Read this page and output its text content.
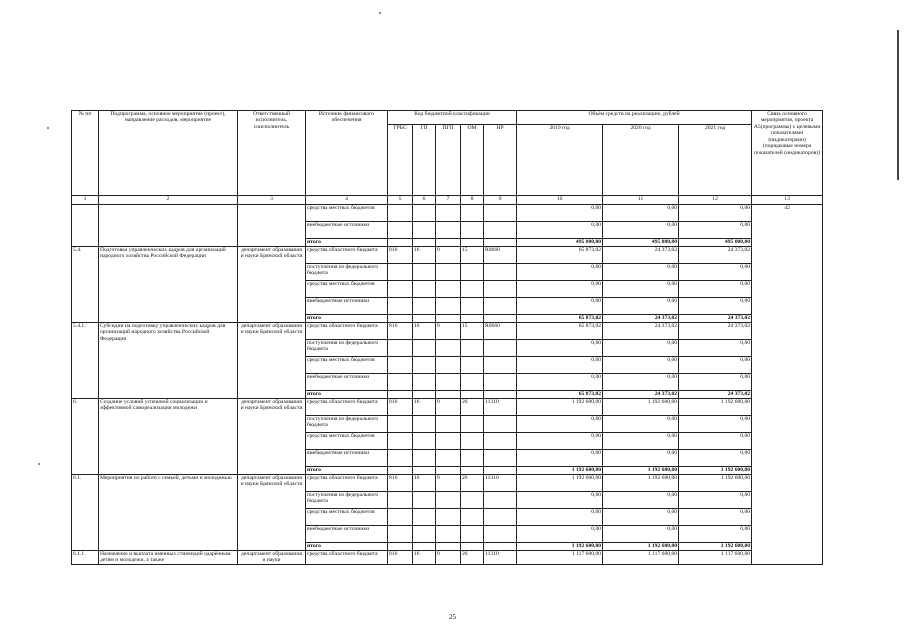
№ пп	Подпрограмма, основное мероприятие (проект), направление расходов, мероприятие	Ответственный исполнитель, соисполнитель	Источник финансового обеспечения	Код бюджетной классификации					Объём средств на реализацию, рублей			Связь основного мероприятия, проекта А5(программы) с целевыми показателями (индикаторами) (порядковые номера показателей (индикаторов))
				ГРБС	ГП	ПГП	ОМ	НР	2019 год	2020 год	2021 год	
1	2	3	4	5	6	7	8	9	10	11	12	13
			средства местных бюджетов						0,00	0,00	0,00	42
			внебюджетные источники						0,00	0,00	0,00	
			итого						495 000,00	495 000,00	495 000,00	
5.4.	Подготовка управленческих кадров для организаций народного хозяйства Российской Федерации	департамент образования и науки Брянской области	средства областного бюджета	816	16	0	15	R0660	65 873,02	24 373,02	24 373,02	
			поступления из федерального бюджета						0,00	0,00	0,00	
			средства местных бюджетов						0,00	0,00	0,00	
			внебюджетные источники						0,00	0,00	0,00	
			итого						65 873,02	24 373,02	24 373,02	
5.4.1.	Субсидии на подготовку управленческих кадров для организаций народного хозяйства Российской Федерации	департамент образования и науки Брянской области	средства областного бюджета	816	16	0	15	R0660	65 873,02	24 373,02	24 373,02	
			поступления из федерального бюджета						0,00	0,00	0,00	
			средства местных бюджетов						0,00	0,00	0,00	
			внебюджетные источники						0,00	0,00	0,00	
			итого						65 873,02	24 373,02	24 373,02	
6.	Создание условий успешной социализации и эффективной самореализации молодежи	департамент образования и науки Брянской области	средства областного бюджета	816	16	0	26	11310	1 192 600,00	1 192 600,00	1 192 600,00	
			поступления из федерального бюджета						0,00	0,00	0,00	
			средства местных бюджетов						0,00	0,00	0,00	
			внебюджетные источники						0,00	0,00	0,00	
			итого						1 192 600,00	1 192 600,00	1 192 600,00	
6.1.	Мероприятия по работе с семьей, детьми и молодежью	департамент образования и науки Брянской области	средства областного бюджета	816	16	0	26	11310	1 192 600,00	1 192 600,00	1 192 600,00	
			поступления из федерального бюджета						0,00	0,00	0,00	
			средства местных бюджетов						0,00	0,00	0,00	
			внебюджетные источники						0,00	0,00	0,00	
			итого						1 192 600,00	1 192 600,00	1 192 600,00	
6.1.1.	Назначение и выплата именных стипендий одарённым детям и молодежи, а также	департамент образования и науки	средства областного бюджета	816	16	0	26	11310	1 117 600,00	1 117 600,00	1 117 600,00	
25
